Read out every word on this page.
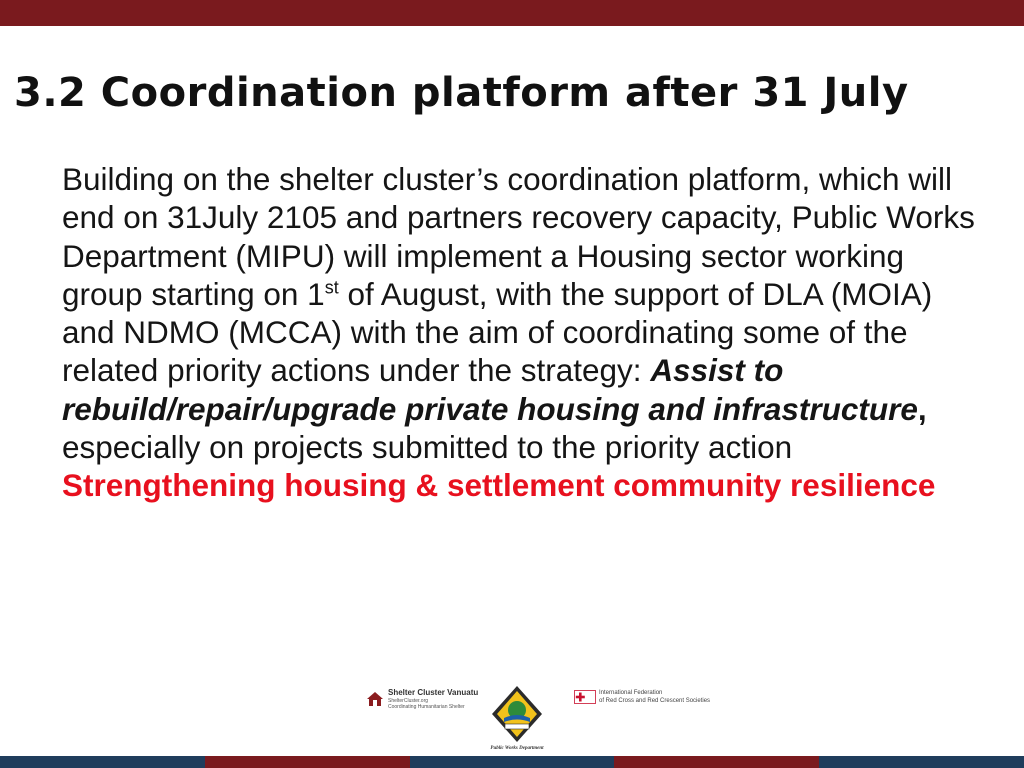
3.2 Coordination platform after 31 July

Building on the shelter cluster’s coordination platform, which will end on 31July 2105 and partners recovery capacity, Public Works Department (MIPU) will implement a Housing sector working group starting on 1st of August, with the support of DLA (MOIA) and NDMO (MCCA) with the aim of coordinating some of the related priority actions under the strategy: Assist to rebuild/repair/upgrade private housing and infrastructure, especially on projects submitted to the priority action Strengthening housing & settlement community resilience

Shelter Cluster Vanuatu
ShelterCluster.org
Coordinating Humanitarian Shelter
Public Works Department
International Federation
of Red Cross and Red Crescent Societies
